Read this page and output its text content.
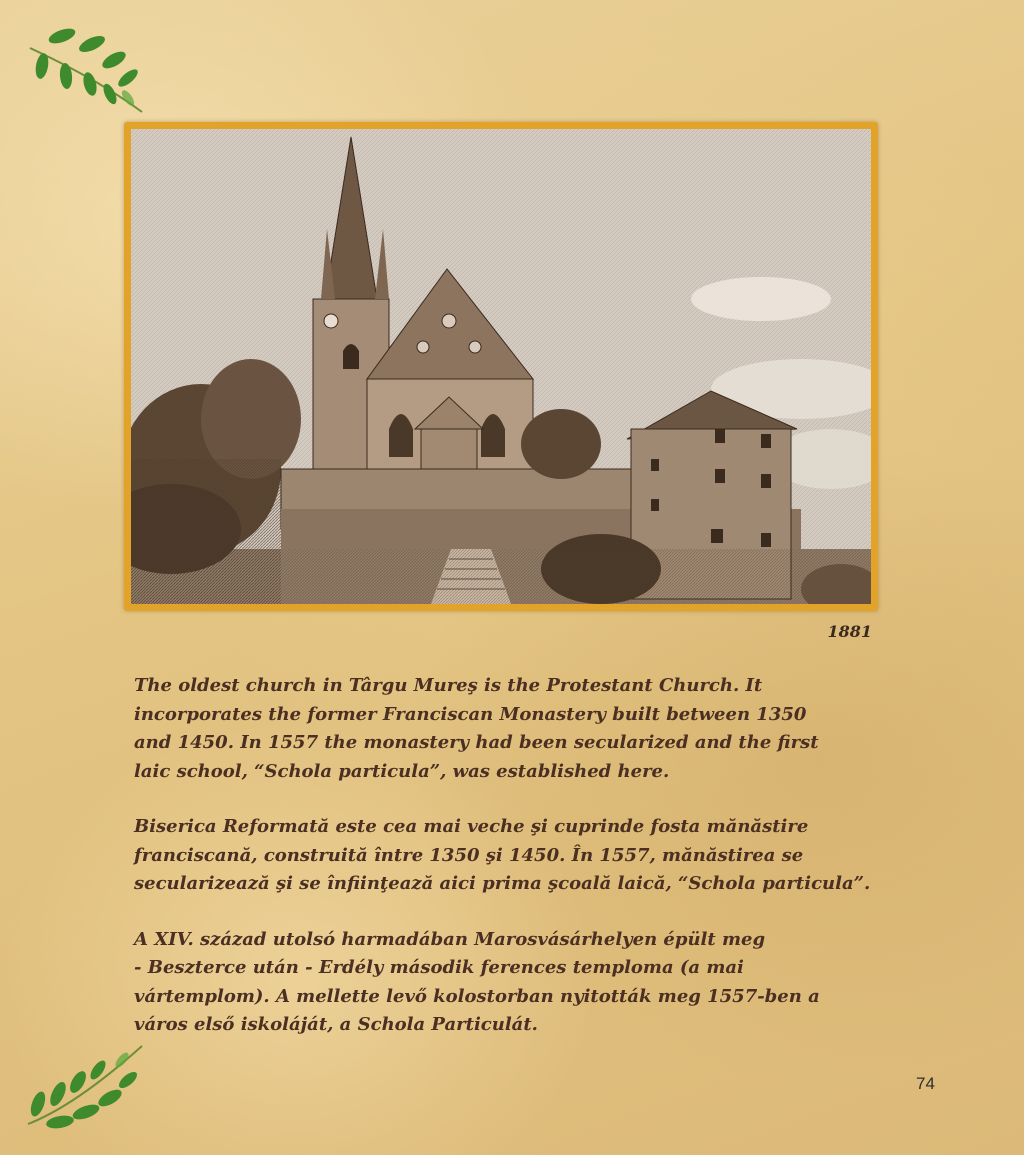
1881

The oldest church in Târgu Mureş is the Protestant Church. It
incorporates the former Franciscan Monastery built between 1350
and 1450. In 1557 the monastery had been secularized and the first
laic school, “Schola particula”, was established here.

Biserica Reformată este cea mai veche şi cuprinde fosta mănăstire
franciscană, construită între 1350 şi 1450. În 1557, mănăstirea se
secularizează şi se înfiinţează aici prima şcoală laică, “Schola particula”.

A XIV. század utolsó harmadában Marosvásárhelyen épült meg
- Beszterce után - Erdély második ferences temploma (a mai
vártemplom). A mellette levő kolostorban nyitották meg 1557-ben a
város első iskoláját, a Schola Particulát.

74
